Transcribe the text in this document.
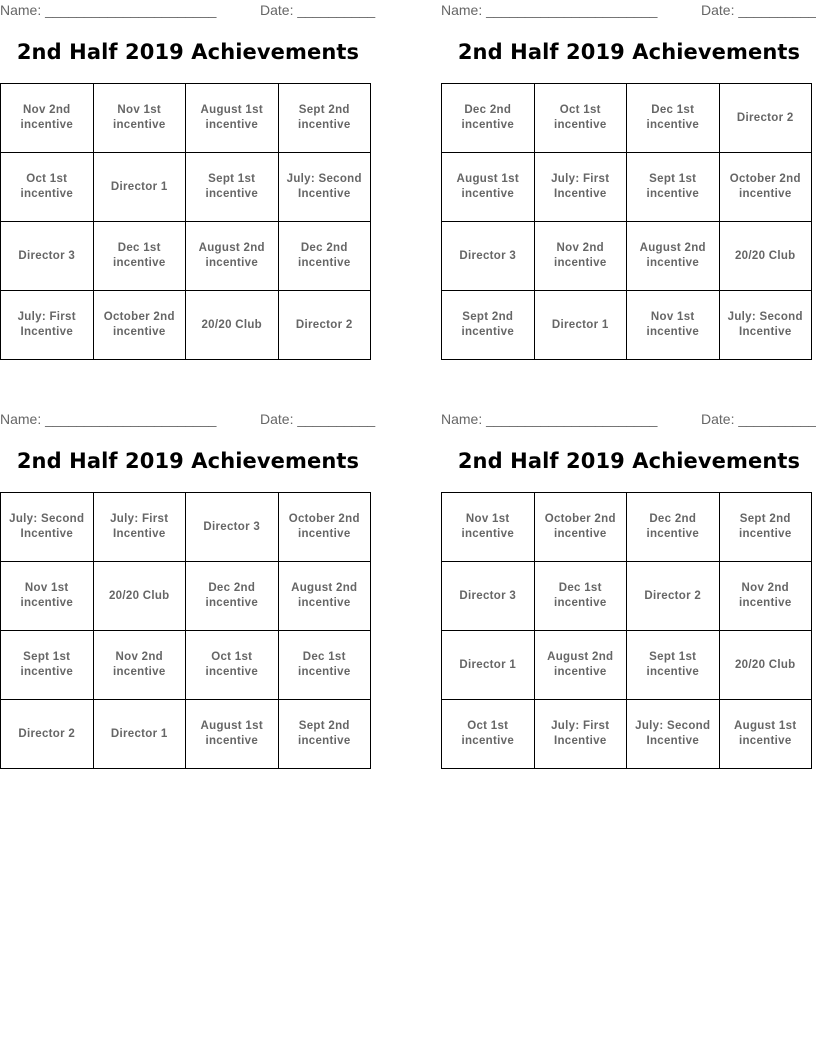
Name: ______________________	Date: __________
2nd Half 2019 Achievements
Nov 2nd incentive	Nov 1st incentive	August 1st incentive	Sept 2nd incentive
Oct 1st incentive	Director 1	Sept 1st incentive	July: Second Incentive
Director 3	Dec 1st incentive	August 2nd incentive	Dec 2nd incentive
July: First Incentive	October 2nd incentive	20/20 Club	Director 2
Name: ______________________	Date: __________
2nd Half 2019 Achievements
Dec 2nd incentive	Oct 1st incentive	Dec 1st incentive	Director 2
August 1st incentive	July: First Incentive	Sept 1st incentive	October 2nd incentive
Director 3	Nov 2nd incentive	August 2nd incentive	20/20 Club
Sept 2nd incentive	Director 1	Nov 1st incentive	July: Second Incentive
Name: ______________________	Date: __________
2nd Half 2019 Achievements
July: Second Incentive	July: First Incentive	Director 3	October 2nd incentive
Nov 1st incentive	20/20 Club	Dec 2nd incentive	August 2nd incentive
Sept 1st incentive	Nov 2nd incentive	Oct 1st incentive	Dec 1st incentive
Director 2	Director 1	August 1st incentive	Sept 2nd incentive
Name: ______________________	Date: __________
2nd Half 2019 Achievements
Nov 1st incentive	October 2nd incentive	Dec 2nd incentive	Sept 2nd incentive
Director 3	Dec 1st incentive	Director 2	Nov 2nd incentive
Director 1	August 2nd incentive	Sept 1st incentive	20/20 Club
Oct 1st incentive	July: First Incentive	July: Second Incentive	August 1st incentive
